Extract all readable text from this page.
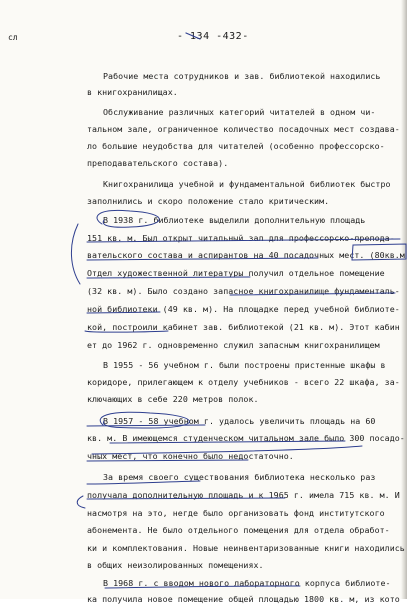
сл	- 134 -432-
Рабочие места сотрудников и зав. библиотекой находились
в книгохранилищах.
Обслуживание различных категорий читателей в одном чи-
тальном зале, ограниченное количество посадочных мест создава-
ло большие неудобства для читателей (особенно профессорско-
преподавательского состава).
Книгохранилища учебной и фундаментальной библиотек быстро
заполнились и скоро положение стало критическим.
В 1938 г. библиотеке выделили дополнительную площадь
151 кв. м. Был открыт читальный зал для профессорско-препода-
вательского состава и аспирантов на 40 посадочных мест. (80кв.м
Отдел художественной литературы получил отдельное помещение
(32 кв. м). Было создано запасное книгохранилище фундаменталь-
ной библиотеки (49 кв. м). На площадке перед учебной библиоте-
кой, построили кабинет зав. библиотекой (21 кв. м). Этот кабин
ет до 1962 г. одновременно служил запасным книгохранилищем
В 1955 - 56 учебном г. были построены пристенные шкафы в
коридоре, прилегающем к отделу учебников - всего 22 шкафа, за-
ключающих в себе 220 метров полок.
В 1957 - 58 учебном г. удалось увеличить площадь на 60
кв. м. В имеющемся студенческом читальном зале было 300 посадо-
чных мест, что конечно было недостаточно.
За время своего существования библиотека несколько раз
получала дополнительную площадь и к 1965 г. имела 715 кв. м. И
насмотря на это, негде было организовать фонд институтского
абонемента. Не было отдельного помещения для отдела обработ-
ки и комплектования. Новые неинвентаризованные книги находились
в общих неизолированных помещениях.
В 1968 г. с вводом нового лабораторного корпуса библиоте-
ка получила новое помещение общей площадью 1800 кв. м, из кото
